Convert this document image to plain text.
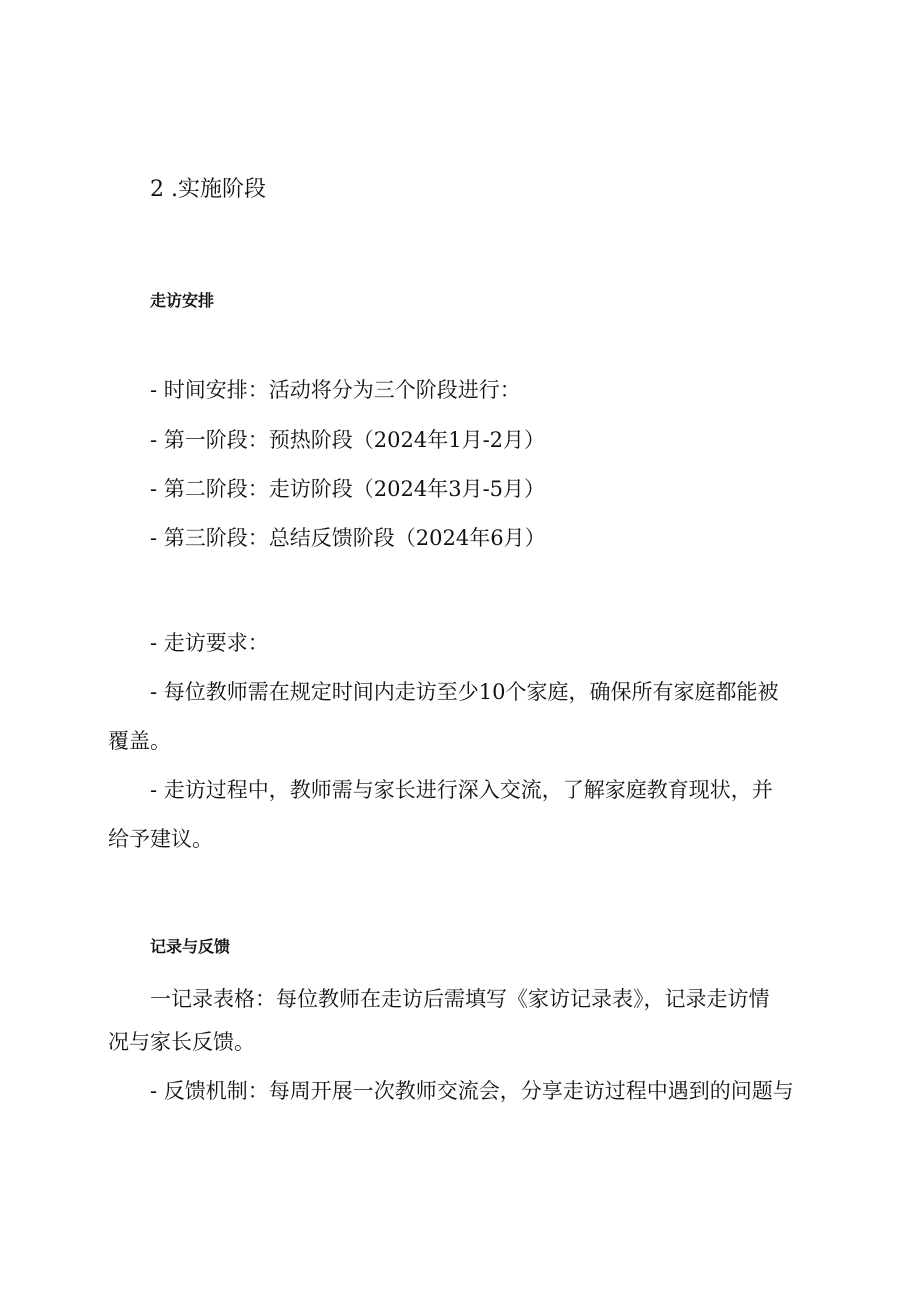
2 .实施阶段
走访安排
- 时间安排：活动将分为三个阶段进行：
- 第一阶段：预热阶段（2024年1月-2月）
- 第二阶段：走访阶段（2024年3月-5月）
- 第三阶段：总结反馈阶段（2024年6月）
- 走访要求：
- 每位教师需在规定时间内走访至少10个家庭，确保所有家庭都能被
覆盖。
- 走访过程中，教师需与家长进行深入交流，了解家庭教育现状，并
给予建议。
记录与反馈
一记录表格：每位教师在走访后需填写《家访记录表》，记录走访情
况与家长反馈。
- 反馈机制：每周开展一次教师交流会，分享走访过程中遇到的问题与
